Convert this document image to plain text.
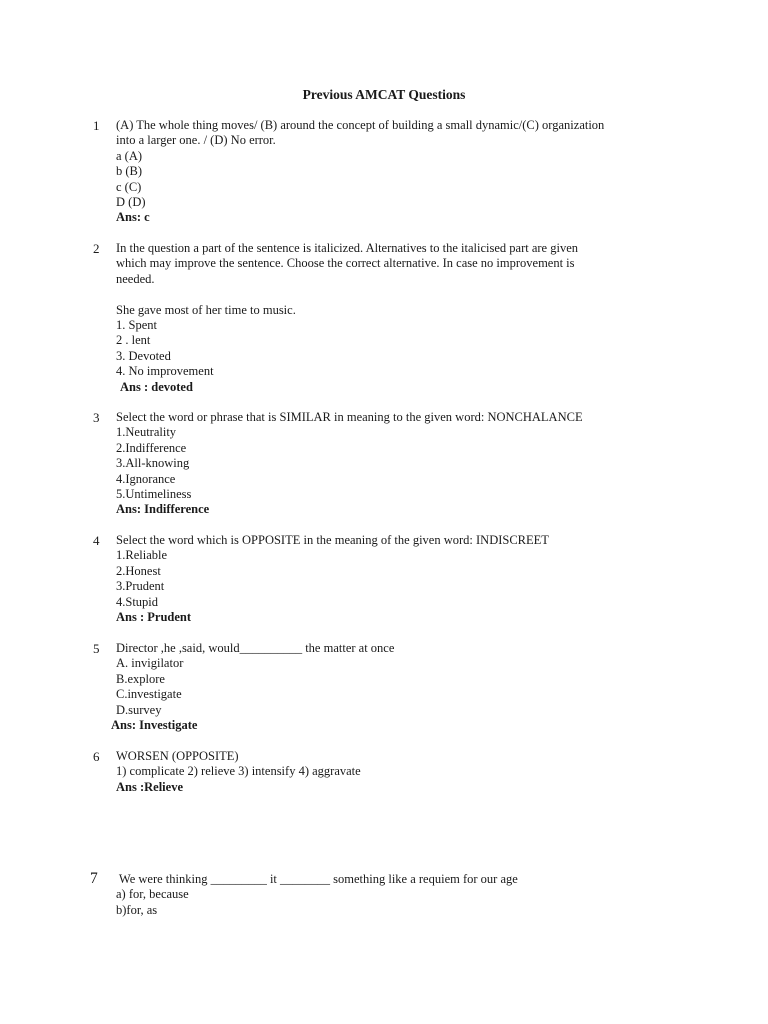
Previous AMCAT Questions
1 (A) The whole thing moves/ (B) around the concept of building a small dynamic/(C) organization
into a larger one. / (D) No error.
a (A)
b (B)
c (C)
D (D)
Ans: c
2 In the question a part of the sentence is italicized. Alternatives to the italicised part are given
which may improve the sentence. Choose the correct alternative. In case no improvement is
needed.
She gave most of her time to music.
1. Spent
2 . lent
3. Devoted
4. No improvement
Ans : devoted
3 Select the word or phrase that is SIMILAR in meaning to the given word: NONCHALANCE
1.Neutrality
2.Indifference
3.All-knowing
4.Ignorance
5.Untimeliness
Ans: Indifference
4 Select the word which is OPPOSITE in the meaning of the given word: INDISCREET
1.Reliable
2.Honest
3.Prudent
4.Stupid
Ans : Prudent
5 Director ,he ,said, would__________ the matter at once
A. invigilator
B.explore
C.investigate
D.survey
Ans: Investigate
6 WORSEN (OPPOSITE)
1) complicate 2) relieve 3) intensify 4) aggravate
Ans :Relieve
7 We were thinking _________ it ________ something like a requiem for our age
a) for, because
b)for, as
